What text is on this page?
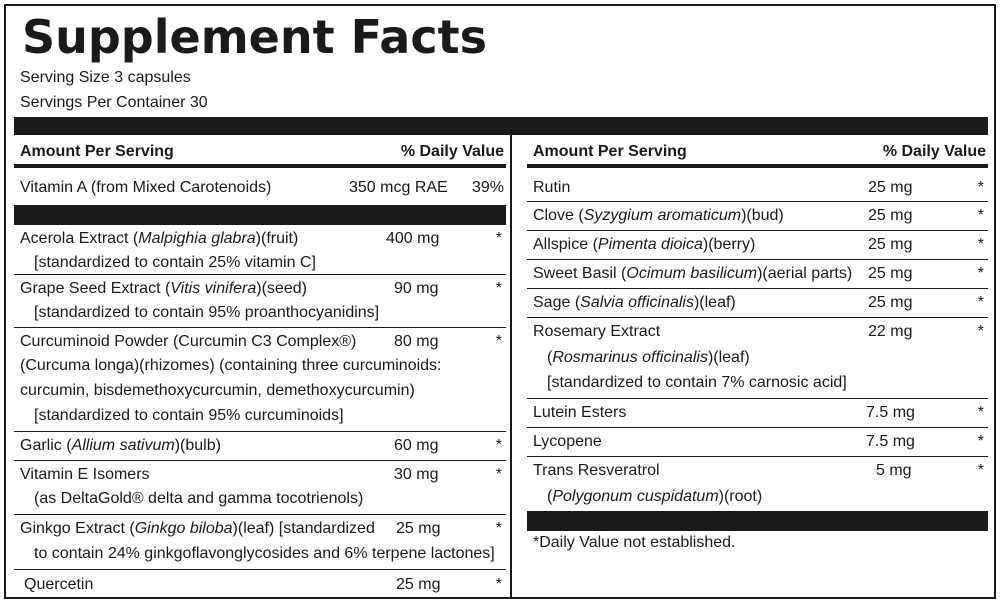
Supplement Facts
Serving Size 3 capsules
Servings Per Container 30
Amount Per Serving	% Daily Value
Vitamin A (from Mixed Carotenoids)	350 mcg RAE 39%
Acerola Extract (Malpighia glabra)(fruit)
[standardized to contain 25% vitamin C]
400 mg	*
Grape Seed Extract (Vitis vinifera)(seed)
[standardized to contain 95% proanthocyanidins]
90 mg	*
Curcuminoid Powder (Curcumin C3 Complex®)
(Curcuma longa)(rhizomes) (containing three curcuminoids:
curcumin, bisdemethoxycurcumin, demethoxycurcumin)
[standardized to contain 95% curcuminoids]
80 mg	*
Garlic (Allium sativum)(bulb)	60 mg	*
Vitamin E Isomers
(as DeltaGold® delta and gamma tocotrienols)
30 mg	*
Ginkgo Extract (Ginkgo biloba)(leaf) [standardized
to contain 24% ginkgoflavonglycosides and 6% terpene lactones]
25 mg	*
Quercetin	25 mg	*
Amount Per Serving	% Daily Value
Rutin	25 mg	*
Clove (Syzygium aromaticum)(bud)	25 mg	*
Allspice (Pimenta dioica)(berry)	25 mg	*
Sweet Basil (Ocimum basilicum)(aerial parts) 25 mg	*
Sage (Salvia officinalis)(leaf)	25 mg	*
Rosemary Extract
(Rosmarinus officinalis)(leaf)
[standardized to contain 7% carnosic acid]
22 mg	*
Lutein Esters	7.5 mg	*
Lycopene	7.5 mg	*
Trans Resveratrol
(Polygonum cuspidatum)(root)
5 mg	*
*Daily Value not established.
